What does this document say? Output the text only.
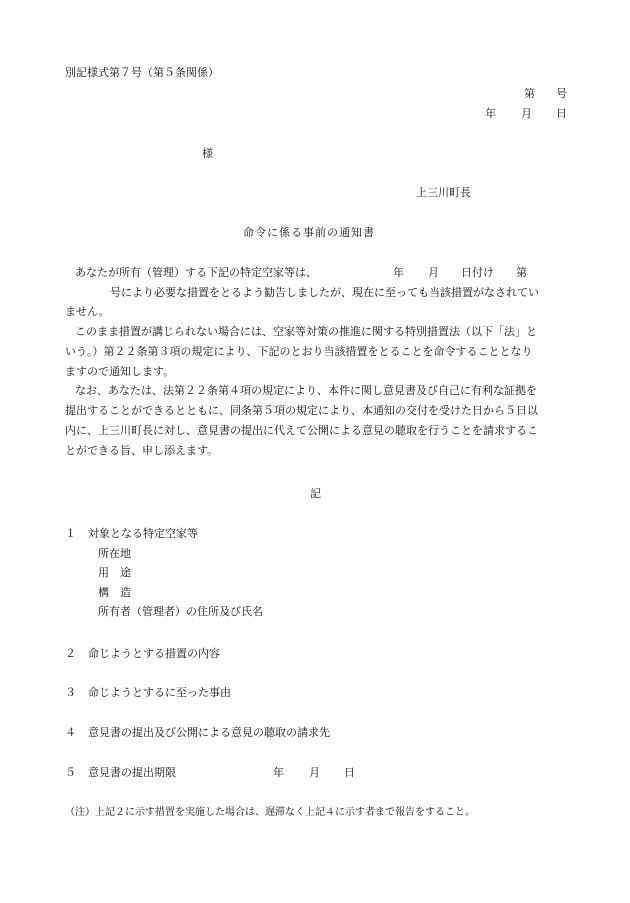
別記様式第７号（第５条関係）
第 号
年 月 日
様
上三川町長
命令に係る事前の通知書
あなたが所有（管理）する下記の特定空家等は、	年 月 日付け 第
号により必要な措置をとるよう勧告しましたが、現在に至っても当該措置がなされてい
ません。
このまま措置が講じられない場合には、空家等対策の推進に関する特別措置法（以下「法」と
いう。）第２２条第３項の規定により、下記のとおり当該措置をとることを命令することとなり
ますので通知します。
なお、あなたは、法第２２条第４項の規定により、本件に関し意見書及び自己に有利な証拠を
提出することができるとともに、同条第５項の規定により、本通知の交付を受けた日から５日以
内に、上三川町長に対し、意見書の提出に代えて公開による意見の聴取を行うことを請求するこ
とができる旨、申し添えます。
記
１ 対象となる特定空家等
所在地
用　途
構　造
所有者（管理者）の住所及び氏名
２ 命じようとする措置の内容
３ 命じようとするに至った事由
４ 意見書の提出及び公開による意見の聴取の請求先
５ 意見書の提出期限	年 月 日
（注）上記２に示す措置を実施した場合は、遅滞なく上記４に示す者まで報告をすること。
